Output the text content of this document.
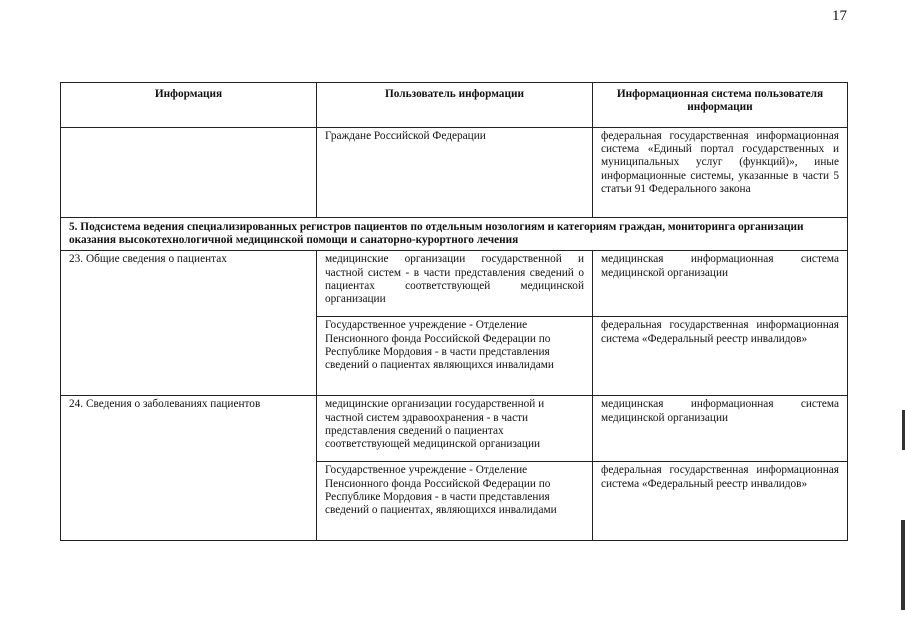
17
Информация	Пользователь информации	Информационная система пользователя информации
	Граждане Российской Федерации	федеральная государственная информационная система «Единый портал государственных и муниципальных услуг (функций)», иные информационные системы, указанные в части 5 статьи 91 Федерального закона
5. Подсистема ведения специализированных регистров пациентов по отдельным нозологиям и категориям граждан, мониторинга организации оказания высокотехнологичной медицинской помощи и санаторно-курортного лечения		
23. Общие сведения о пациентах	медицинские организации государственной и частной систем - в части представления сведений о пациентах соответствующей медицинской организации	медицинская информационная система медицинской организации
	Государственное учреждение - Отделение Пенсионного фонда Российской Федерации по Республике Мордовия - в части представления сведений о пациентах являющихся инвалидами	федеральная государственная информационная система «Федеральный реестр инвалидов»
24. Сведения о заболеваниях пациентов	медицинские организации государственной и частной систем здравоохранения - в части представления сведений о пациентах соответствующей медицинской организации	медицинская информационная система медицинской организации
	Государственное учреждение - Отделение Пенсионного фонда Российской Федерации по Республике Мордовия - в части представления сведений о пациентах, являющихся инвалидами	федеральная государственная информационная система «Федеральный реестр инвалидов»
